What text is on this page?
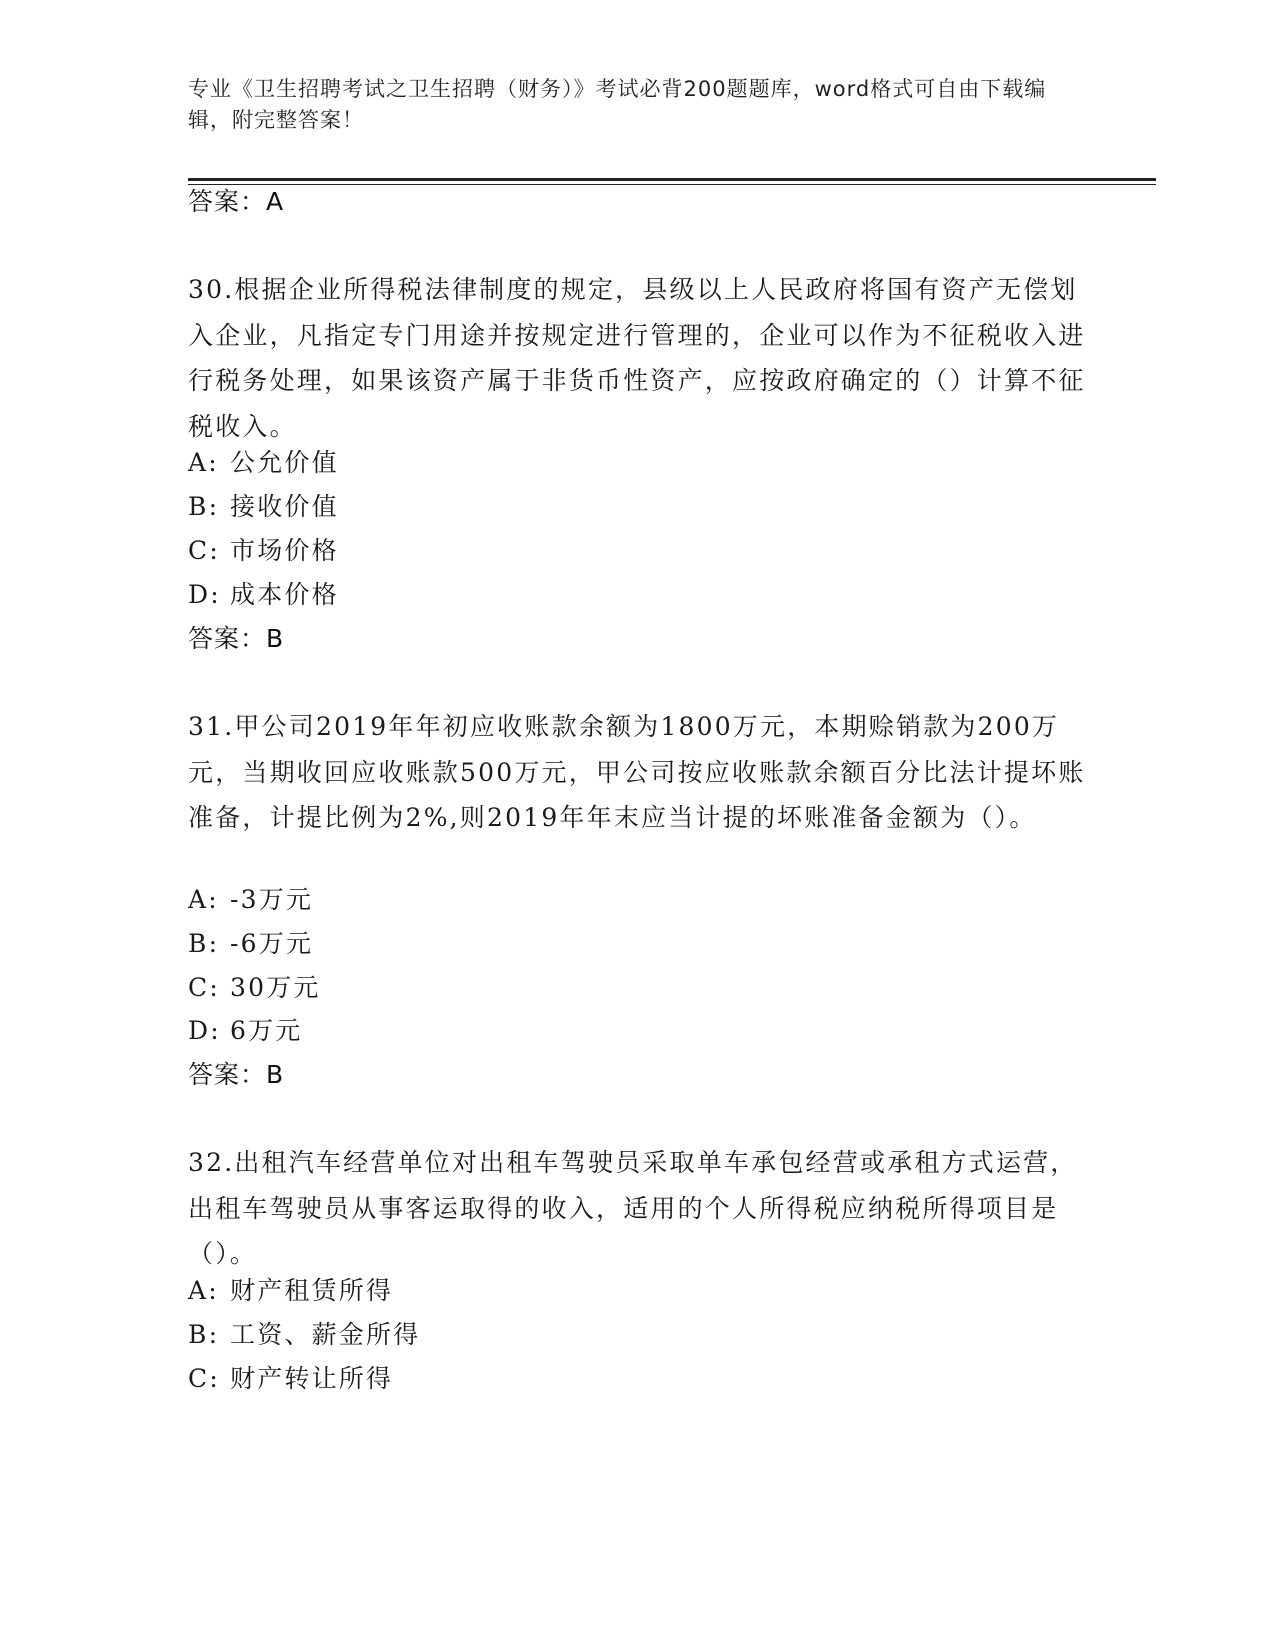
专业《卫生招聘考试之卫生招聘（财务）》考试必背200题题库，word格式可自由下载编辑，附完整答案！
答案：A
30.根据企业所得税法律制度的规定，县级以上人民政府将国有资产无偿划入企业，凡指定专门用途并按规定进行管理的，企业可以作为不征税收入进行税务处理，如果该资产属于非货币性资产，应按政府确定的（）计算不征税收入。
A: 公允价值
B: 接收价值
C: 市场价格
D: 成本价格
答案：B
31.甲公司2019年年初应收账款余额为1800万元，本期赊销款为200万元，当期收回应收账款500万元，甲公司按应收账款余额百分比法计提坏账准备，计提比例为2%,则2019年年末应当计提的坏账准备金额为（）。
A: -3万元
B: -6万元
C: 30万元
D: 6万元
答案：B
32.出租汽车经营单位对出租车驾驶员采取单车承包经营或承租方式运营，出租车驾驶员从事客运取得的收入，适用的个人所得税应纳税所得项目是（）。
A: 财产租赁所得
B: 工资、薪金所得
C: 财产转让所得
